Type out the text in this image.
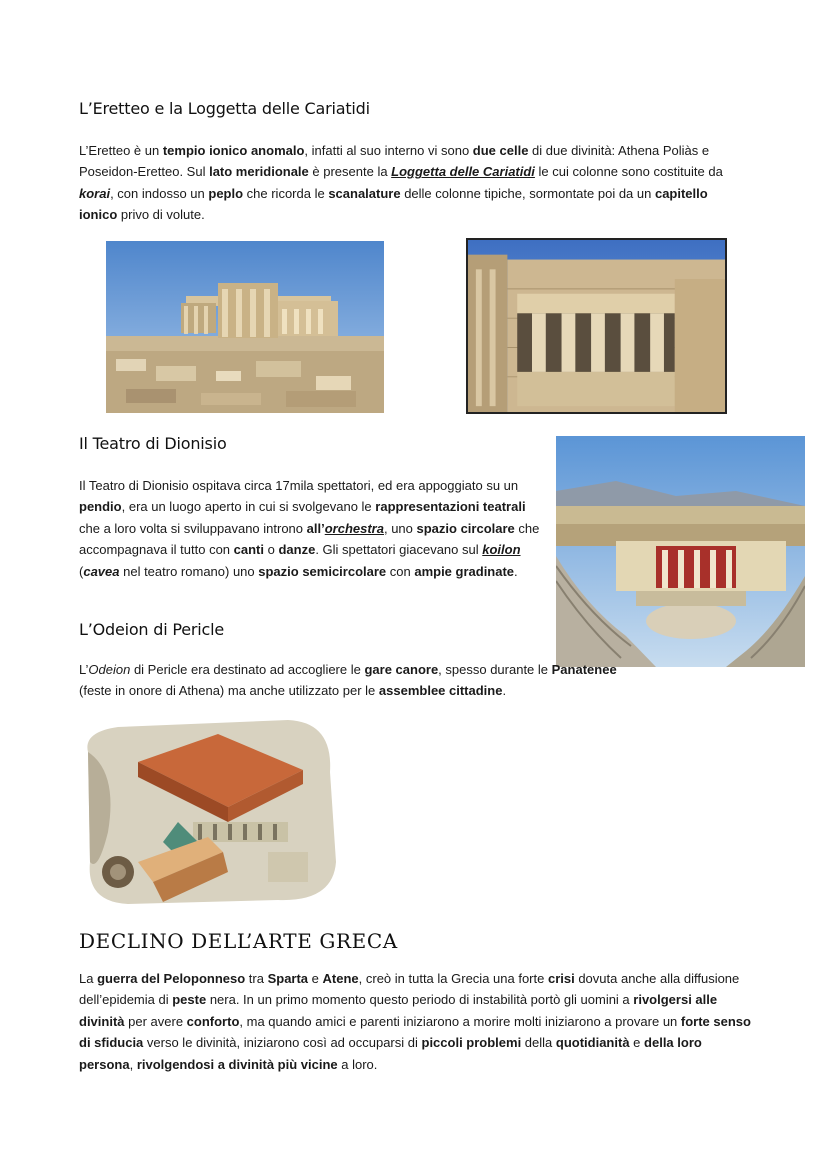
L’Eretteo e la Loggetta delle Cariatidi

L’Eretteo è un tempio ionico anomalo, infatti al suo interno vi sono due celle di due divinità: Athena Poliàs e Poseidon-Eretteo. Sul lato meridionale è presente la Loggetta delle Cariatidi le cui colonne sono costituite da korai, con indosso un peplo che ricorda le scanalature delle colonne tipiche, sormontate poi da un capitello ionico privo di volute.

Il Teatro di Dionisio

Il Teatro di Dionisio ospitava circa 17mila spettatori, ed era appoggiato su un pendio, era un luogo aperto in cui si svolgevano le rappresentazioni teatrali che a loro volta si sviluppavano introno all’orchestra, uno spazio circolare che accompagnava il tutto con canti o danze. Gli spettatori giacevano sul koilon (cavea nel teatro romano) uno spazio semicircolare con ampie gradinate.

L’Odeion di Pericle

L’Odeion di Pericle era destinato ad accogliere le gare canore, spesso durante le Panatenee (feste in onore di Athena) ma anche utilizzato per le assemblee cittadine.

DECLINO DELL’ARTE GRECA

La guerra del Peloponneso tra Sparta e Atene, creò in tutta la Grecia una forte crisi dovuta anche alla diffusione dell’epidemia di peste nera. In un primo momento questo periodo di instabilità portò gli uomini a rivolgersi alle divinità per avere conforto, ma quando amici e parenti iniziarono a morire molti iniziarono a provare un forte senso di sfiducia verso le divinità, iniziarono così ad occuparsi di piccoli problemi della quotidianità e della loro persona, rivolgendosi a divinità più vicine a loro.
